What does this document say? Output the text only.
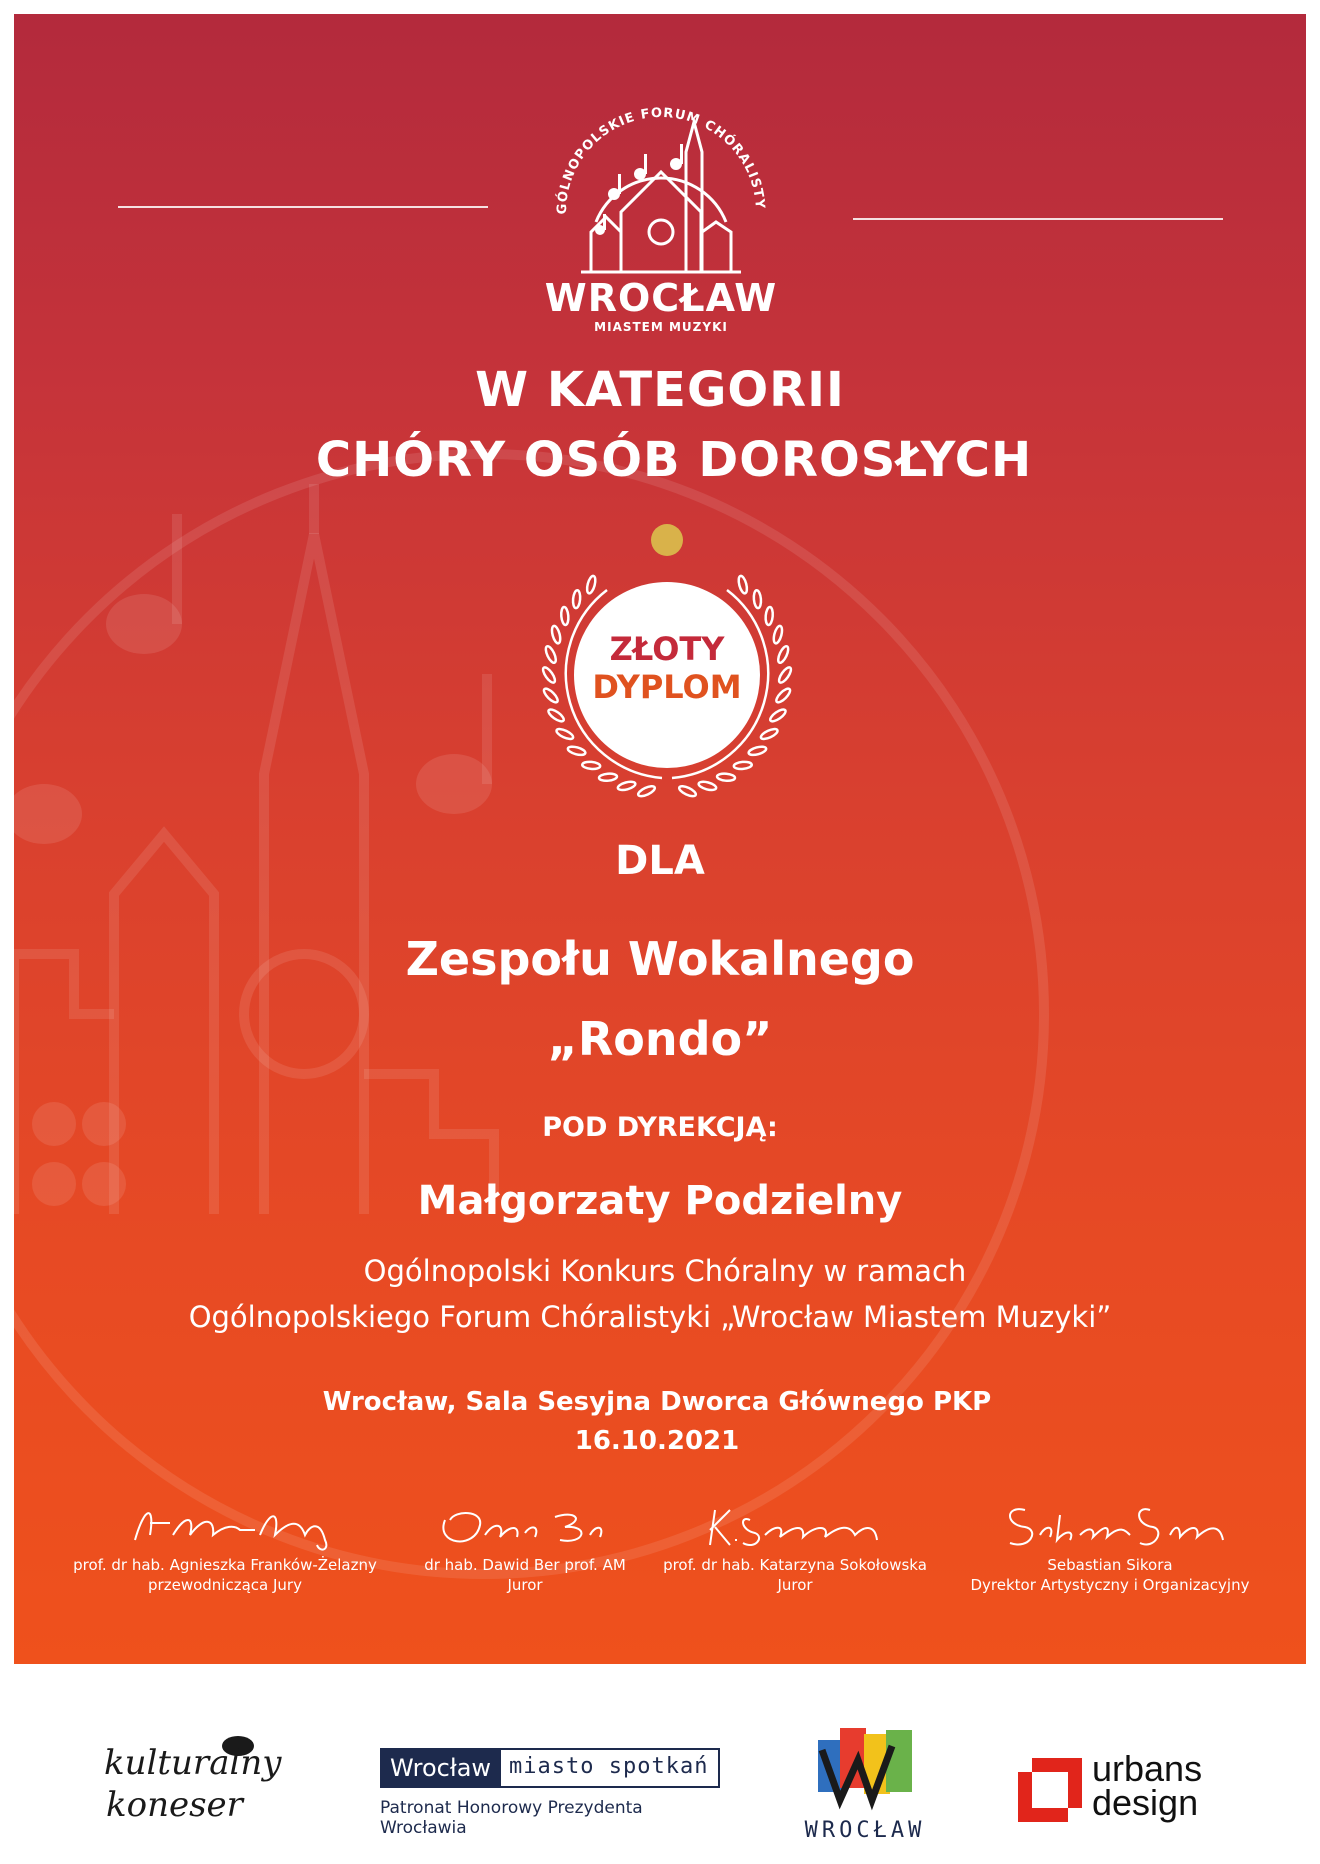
GÓLNOPOLSKIE FORUM CHÓRALISTY
WROCŁAW
MIASTEM MUZYKI
W KATEGORII
CHÓRY OSÓB DOROSŁYCH
ZŁOTY
DYPLOM
DLA
Zespołu Wokalnego
„Rondo”
POD DYREKCJĄ:
Małgorzaty Podzielny
Ogólnopolski Konkurs Chóralny w ramach
Ogólnopolskiego Forum Chóralistyki „Wrocław Miastem Muzyki”
Wrocław, Sala Sesyjna Dworca Głównego PKP
16.10.2021
prof. dr hab. Agnieszka Franków-Żelazny
przewodnicząca Jury
dr hab. Dawid Ber prof. AM
Juror
prof. dr hab. Katarzyna Sokołowska
Juror
Sebastian Sikora
Dyrektor Artystyczny i Organizacyjny
kulturalny
koneser
Wrocław miasto spotkań
Patronat Honorowy Prezydenta Wrocławia	WROCŁAW
urbans
design
